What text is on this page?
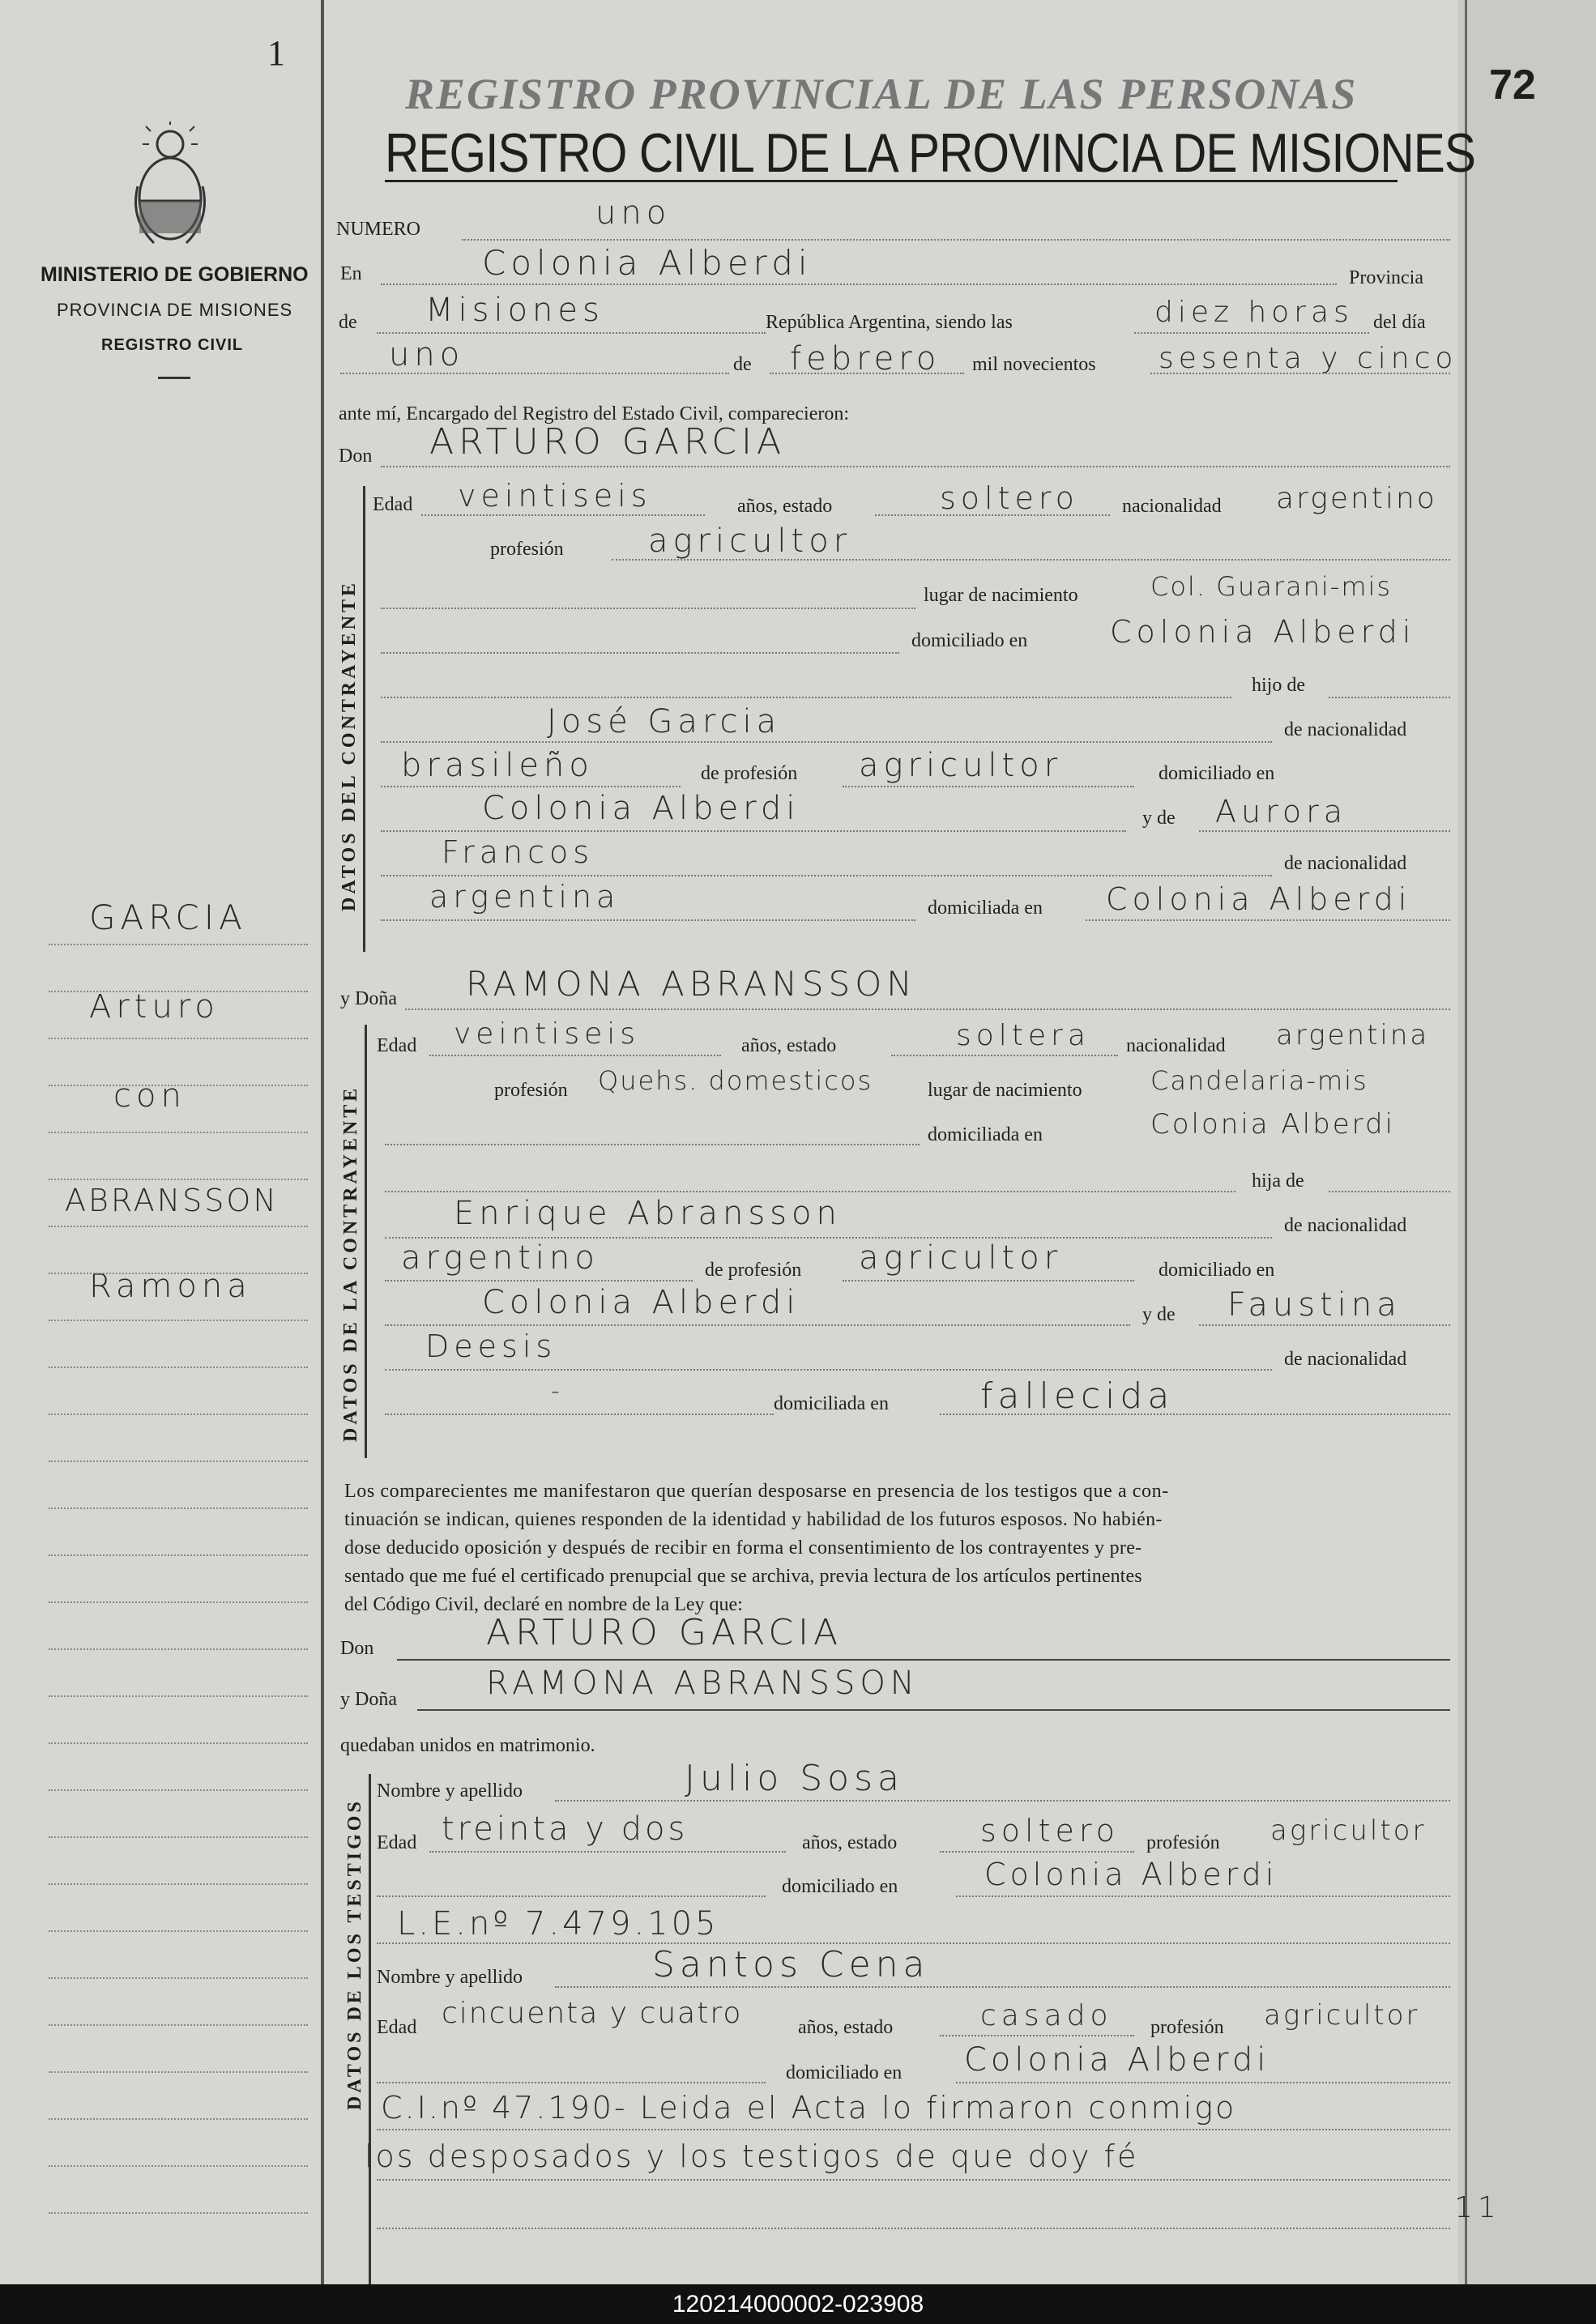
1
MINISTERIO DE GOBIERNO
PROVINCIA DE MISIONES
REGISTRO CIVIL
GARCIA
Arturo
con
ABRANSSON
Ramona
72
REGISTRO PROVINCIAL DE LAS PERSONAS
REGISTRO CIVIL DE LA PROVINCIA DE MISIONES
NUMERO	uno
En	Colonia Alberdi	Provincia
de Misiones	República Argentina, siendo las	diez horas del día
uno	de febrero mil novecientos sesenta y cinco
ante mí, Encargado del Registro del Estado Civil, comparecieron:
Don ARTURO GARCIA
DATOS DEL CONTRAYENTE
Edad veintiseis	años, estado	soltero nacionalidad argentino
profesión	agricultor
lugar de nacimiento	Col. Guarani-mis
domiciliado en	Colonia Alberdi
hijo de
José Garcia	de nacionalidad
brasileño	de profesión agricultor	domiciliado en
Colonia Alberdi	y de Aurora
Francos	de nacionalidad
argentina	domiciliada en Colonia Alberdi
y Doña RAMONA ABRANSSON
DATOS DE LA CONTRAYENTE
Edad veintiseis	años, estado	soltera nacionalidad argentina
profesión Quehs. domesticos	lugar de nacimiento	Candelaria-mis
domiciliada en	Colonia Alberdi
hija de
Enrique Abransson	de nacionalidad
argentino	de profesión agricultor	domiciliado en
Colonia Alberdi	y de Faustina
Deesis	de nacionalidad
-	domiciliada en	fallecida
Los comparecientes me manifestaron que querían desposarse en presencia de los testigos que a con-
tinuación se indican, quienes responden de la identidad y habilidad de los futuros esposos. No habién-
dose deducido oposición y después de recibir en forma el consentimiento de los contrayentes y pre-
sentado que me fué el certificado prenupcial que se archiva, previa lectura de los artículos pertinentes
del Código Civil, declaré en nombre de la Ley que:
Don	ARTURO GARCIA
y Doña	RAMONA ABRANSSON
quedaban unidos en matrimonio.
DATOS DE LOS TESTIGOS
Nombre y apellido	Julio Sosa
Edad treinta y dos	años, estado	soltero profesión agricultor
domiciliado en	Colonia Alberdi
L.E.nº 7.479.105
Nombre y apellido	Santos Cena
Edad cincuenta y cuatro	años, estado	casado profesión agricultor
domiciliado en Colonia Alberdi
C.I.nº 47.190- Leida el Acta lo firmaron conmigo
los desposados y los testigos de que doy fé
11
120214000002-023908
